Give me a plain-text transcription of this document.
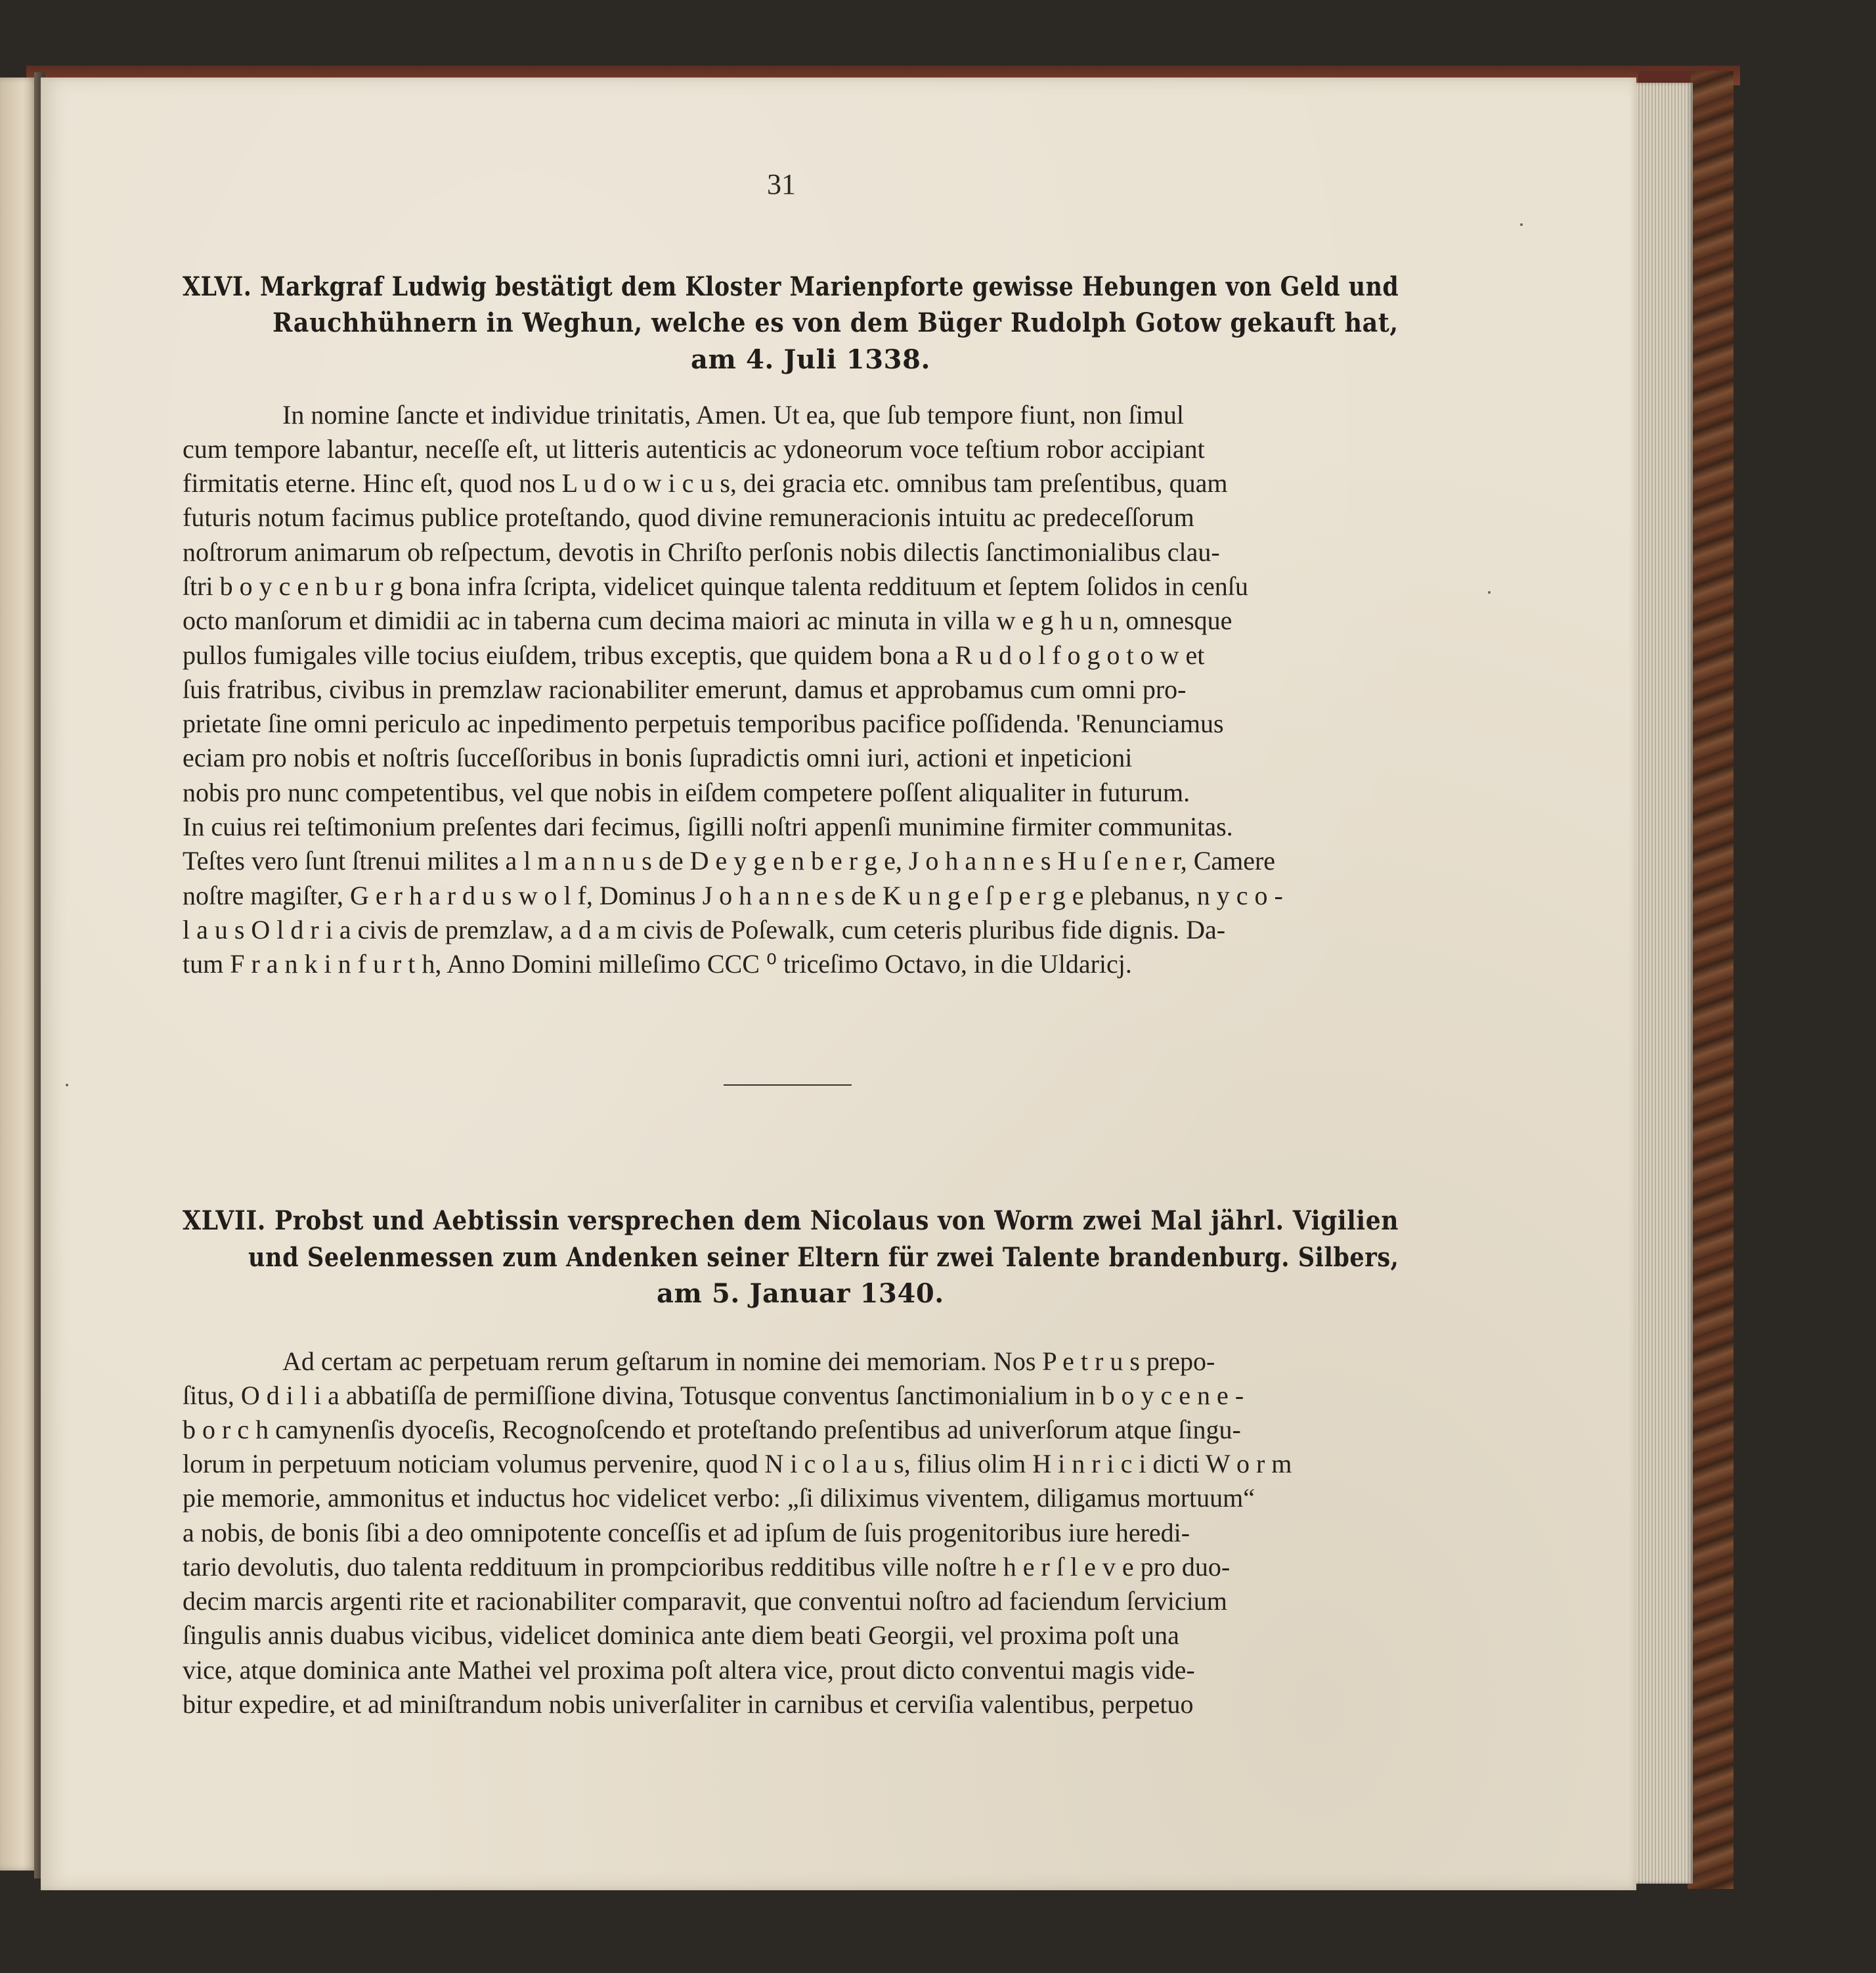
31
XLVI. Markgraf Ludwig bestätigt dem Kloster Marienpforte gewisse Hebungen von Geld und
Rauchhühnern in Weghun, welche es von dem Büger Rudolph Gotow gekauft hat,
am 4. Juli 1338.
In nomine ſancte et individue trinitatis, Amen. Ut ea, que ſub tempore fiunt, non ſimul
cum tempore labantur, neceſſe eſt, ut litteris autenticis ac ydoneorum voce teſtium robor accipiant
firmitatis eterne. Hinc eſt, quod nos L u d o w i c u s, dei gracia etc. omnibus tam preſentibus, quam
futuris notum facimus publice proteſtando, quod divine remuneracionis intuitu ac predeceſſorum
noſtrorum animarum ob reſpectum, devotis in Chriſto perſonis nobis dilectis ſanctimonialibus clau-
ſtri b o y c e n b u r g bona infra ſcripta, videlicet quinque talenta reddituum et ſeptem ſolidos in cenſu
octo manſorum et dimidii ac in taberna cum decima maiori ac minuta in villa w e g h u n, omnesque
pullos fumigales ville tocius eiuſdem, tribus exceptis, que quidem bona a R u d o l f o g o t o w et
ſuis fratribus, civibus in premzlaw racionabiliter emerunt, damus et approbamus cum omni pro-
prietate ſine omni periculo ac inpedimento perpetuis temporibus pacifice poſſidenda. 'Renunciamus
eciam pro nobis et noſtris ſucceſſoribus in bonis ſupradictis omni iuri, actioni et inpeticioni
nobis pro nunc competentibus, vel que nobis in eiſdem competere poſſent aliqualiter in futurum.
In cuius rei teſtimonium preſentes dari fecimus, ſigilli noſtri appenſi munimine firmiter communitas.
Teſtes vero ſunt ſtrenui milites a l m a n n u s de D e y g e n b e r g e, J o h a n n e s H u ſ e n e r, Camere
noſtre magiſter, G e r h a r d u s w o l f, Dominus J o h a n n e s de K u n g e ſ p e r g e plebanus, n y c o -
l a u s O l d r i a civis de premzlaw, a d a m civis de Poſewalk, cum ceteris pluribus fide dignis. Da-
tum F r a n k i n f u r t h, Anno Domini milleſimo CCC ⁰ triceſimo Octavo, in die Uldaricj.
XLVII. Probst und Aebtissin versprechen dem Nicolaus von Worm zwei Mal jährl. Vigilien
und Seelenmessen zum Andenken seiner Eltern für zwei Talente brandenburg. Silbers,
am 5. Januar 1340.
Ad certam ac perpetuam rerum geſtarum in nomine dei memoriam. Nos P e t r u s prepo-
ſitus, O d i l i a abbatiſſa de permiſſione divina, Totusque conventus ſanctimonialium in b o y c e n e -
b o r c h camynenſis dyoceſis, Recognoſcendo et proteſtando preſentibus ad univerſorum atque ſingu-
lorum in perpetuum noticiam volumus pervenire, quod N i c o l a u s, filius olim H i n r i c i dicti W o r m
pie memorie, ammonitus et inductus hoc videlicet verbo: „ſi diliximus viventem, diligamus mortuum“
a nobis, de bonis ſibi a deo omnipotente conceſſis et ad ipſum de ſuis progenitoribus iure heredi-
tario devolutis, duo talenta reddituum in prompcioribus redditibus ville noſtre h e r ſ l e v e pro duo-
decim marcis argenti rite et racionabiliter comparavit, que conventui noſtro ad faciendum ſervicium
ſingulis annis duabus vicibus, videlicet dominica ante diem beati Georgii, vel proxima poſt una
vice, atque dominica ante Mathei vel proxima poſt altera vice, prout dicto conventui magis vide-
bitur expedire, et ad miniſtrandum nobis univerſaliter in carnibus et cerviſia valentibus, perpetuo
